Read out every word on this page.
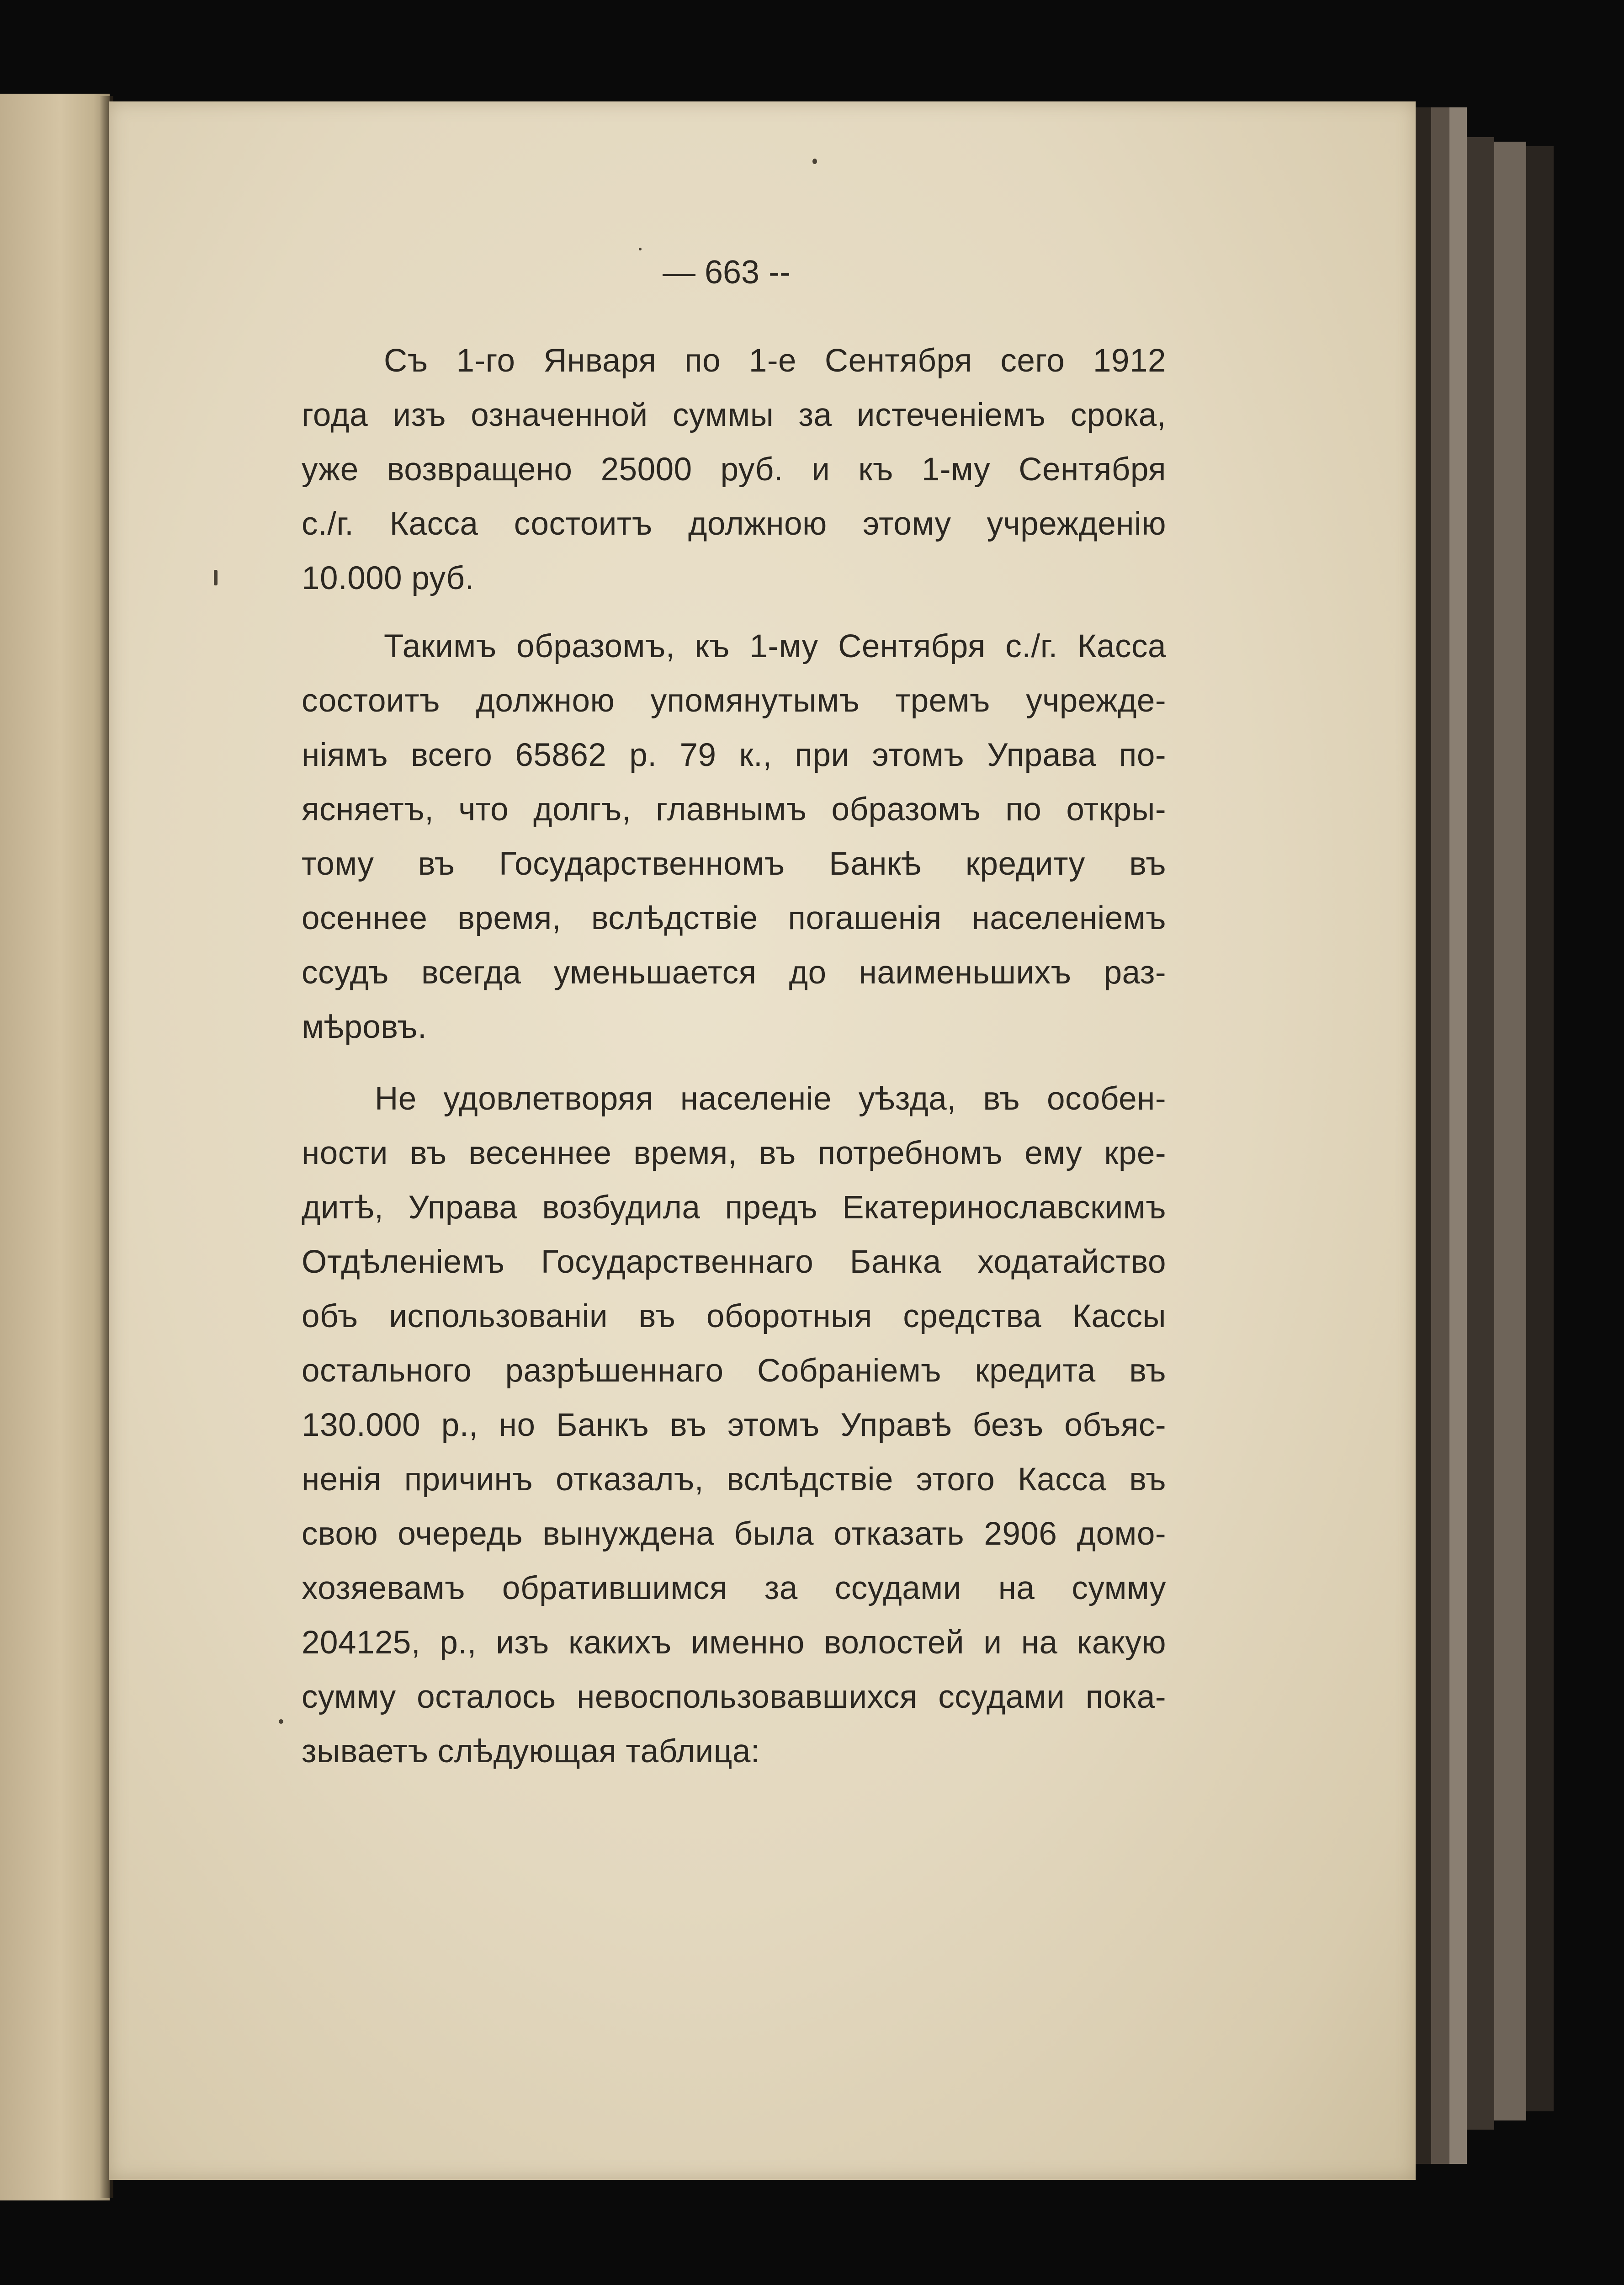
— 663 --
Съ 1-го Января по 1-е Сентября сего 1912
года изъ означенной суммы за истеченіемъ срока,
уже возвращено 25000 руб. и къ 1-му Сентября
с./г. Касса состоитъ должною этому учрежденію
10.000 руб.
Такимъ образомъ, къ 1-му Сентября с./г. Касса
состоитъ должною упомянутымъ тремъ учрежде-
ніямъ всего 65862 р. 79 к., при этомъ Управа по-
ясняетъ, что долгъ, главнымъ образомъ по откры-
тому въ Государственномъ Банкѣ кредиту въ
осеннее время, вслѣдствіе погашенія населеніемъ
ссудъ всегда уменьшается до наименьшихъ раз-
мѣровъ.
Не удовлетворяя населеніе уѣзда, въ особен-
ности въ весеннее время, въ потребномъ ему кре-
дитѣ, Управа возбудила предъ Екатеринославскимъ
Отдѣленіемъ Государственнаго Банка ходатайство
объ использованіи въ оборотныя средства Кассы
остального разрѣшеннаго Собраніемъ кредита въ
130.000 р., но Банкъ въ этомъ Управѣ безъ объяс-
ненія причинъ отказалъ, вслѣдствіе этого Касса въ
свою очередь вынуждена была отказать 2906 домо-
хозяевамъ обратившимся за ссудами на сумму
204125, р., изъ какихъ именно волостей и на какую
сумму осталось невоспользовавшихся ссудами пока-
зываетъ слѣдующая таблица:
